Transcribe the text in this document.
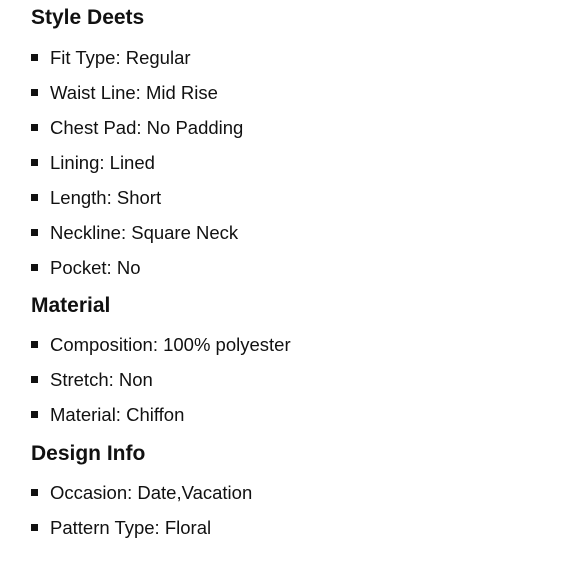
Style Deets
Fit Type: Regular
Waist Line: Mid Rise
Chest Pad: No Padding
Lining: Lined
Length: Short
Neckline: Square Neck
Pocket: No
Material
Composition: 100% polyester
Stretch: Non
Material: Chiffon
Design Info
Occasion: Date,Vacation
Pattern Type: Floral
